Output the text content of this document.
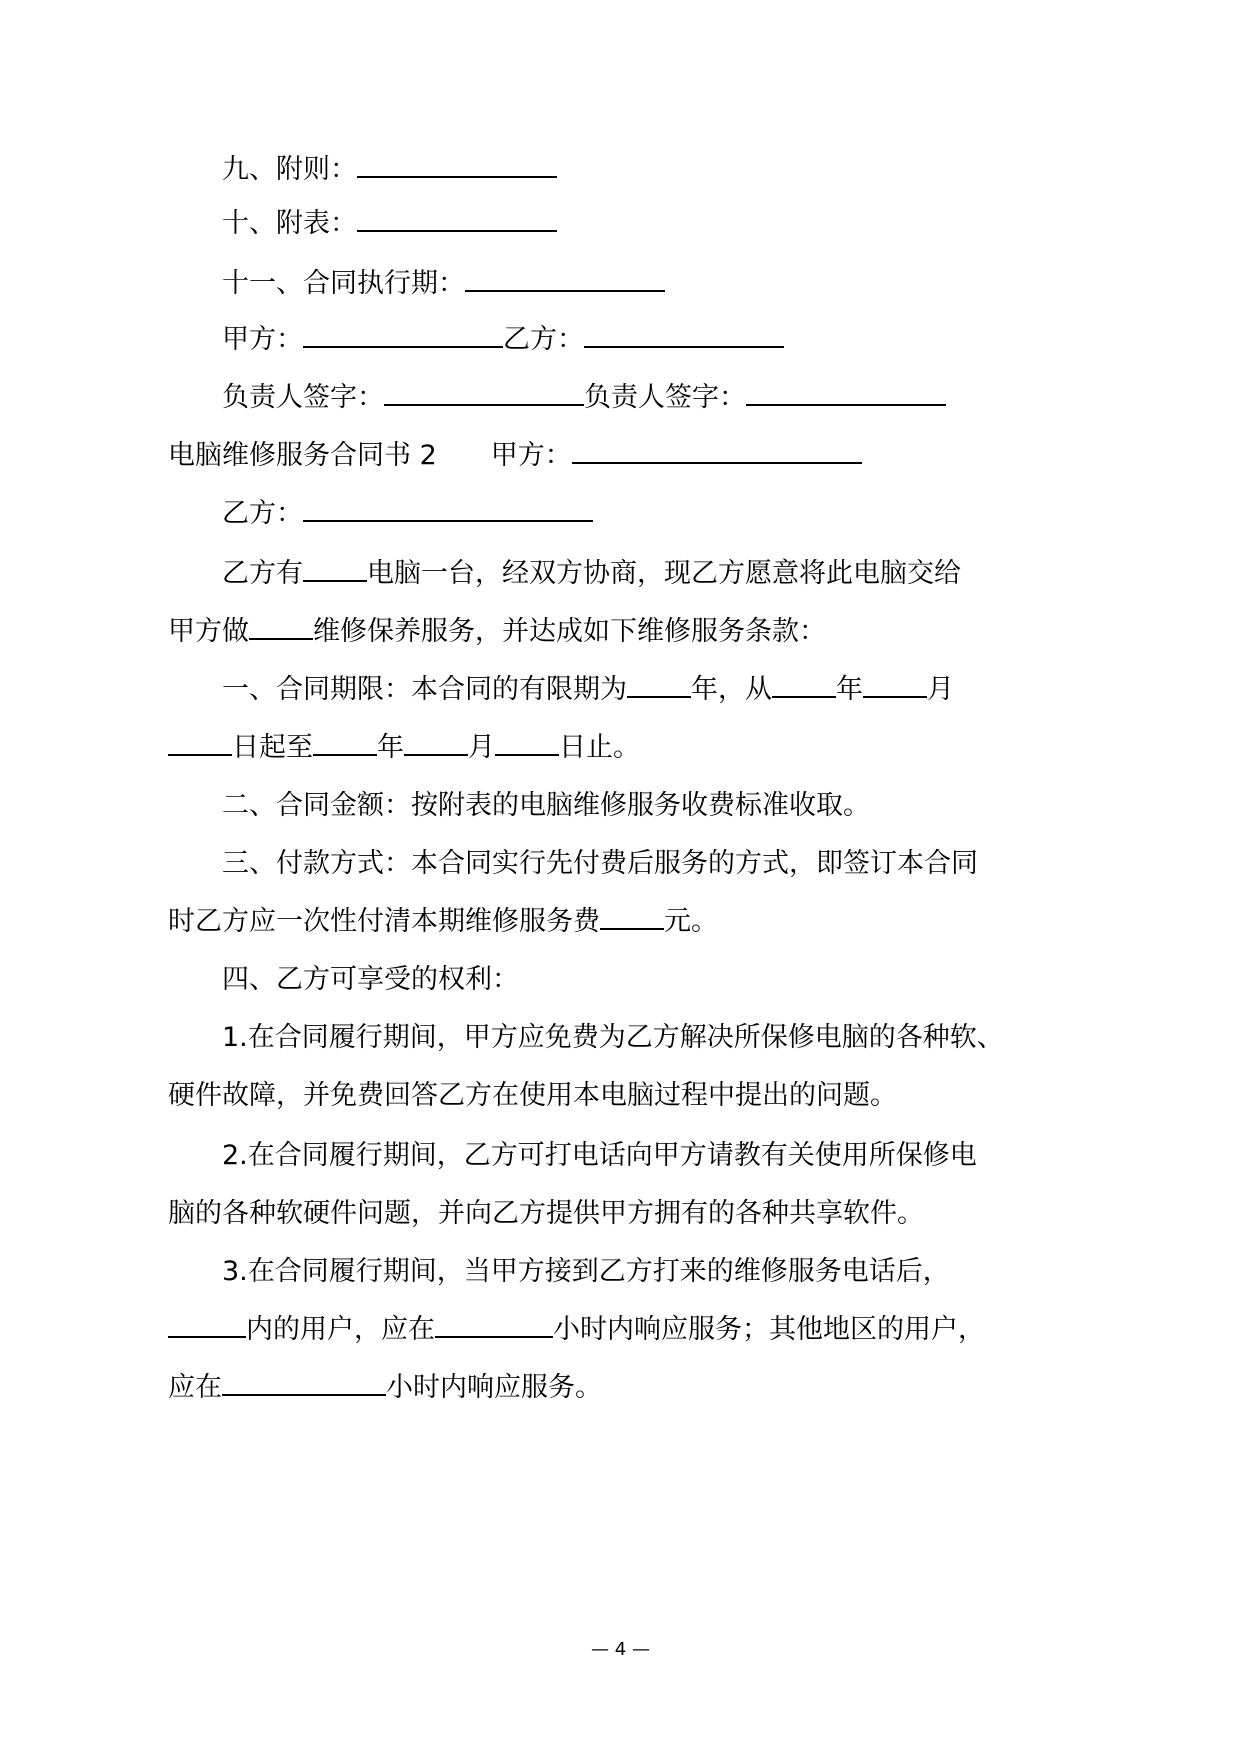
九、附则：
十、附表：
十一、合同执行期：
甲方：	乙方：
负责人签字：	负责人签字：
电脑维修服务合同书 2 甲方：
乙方：
乙方有 电脑一台，经双方协商，现乙方愿意将此电脑交给
甲方做 维修保养服务，并达成如下维修服务条款：
一、合同期限：本合同的有限期为 年，从 年 月
日起至 年 月 日止。
二、合同金额：按附表的电脑维修服务收费标准收取。
三、付款方式：本合同实行先付费后服务的方式，即签订本合同
时乙方应一次性付清本期维修服务费 元。
四、乙方可享受的权利：
1.在合同履行期间，甲方应免费为乙方解决所保修电脑的各种软、
硬件故障，并免费回答乙方在使用本电脑过程中提出的问题。
2.在合同履行期间，乙方可打电话向甲方请教有关使用所保修电
脑的各种软硬件问题，并向乙方提供甲方拥有的各种共享软件。
3.在合同履行期间，当甲方接到乙方打来的维修服务电话后，
内的用户，应在	小时内响应服务；其他地区的用户，
应在	小时内响应服务。
— 4 —
